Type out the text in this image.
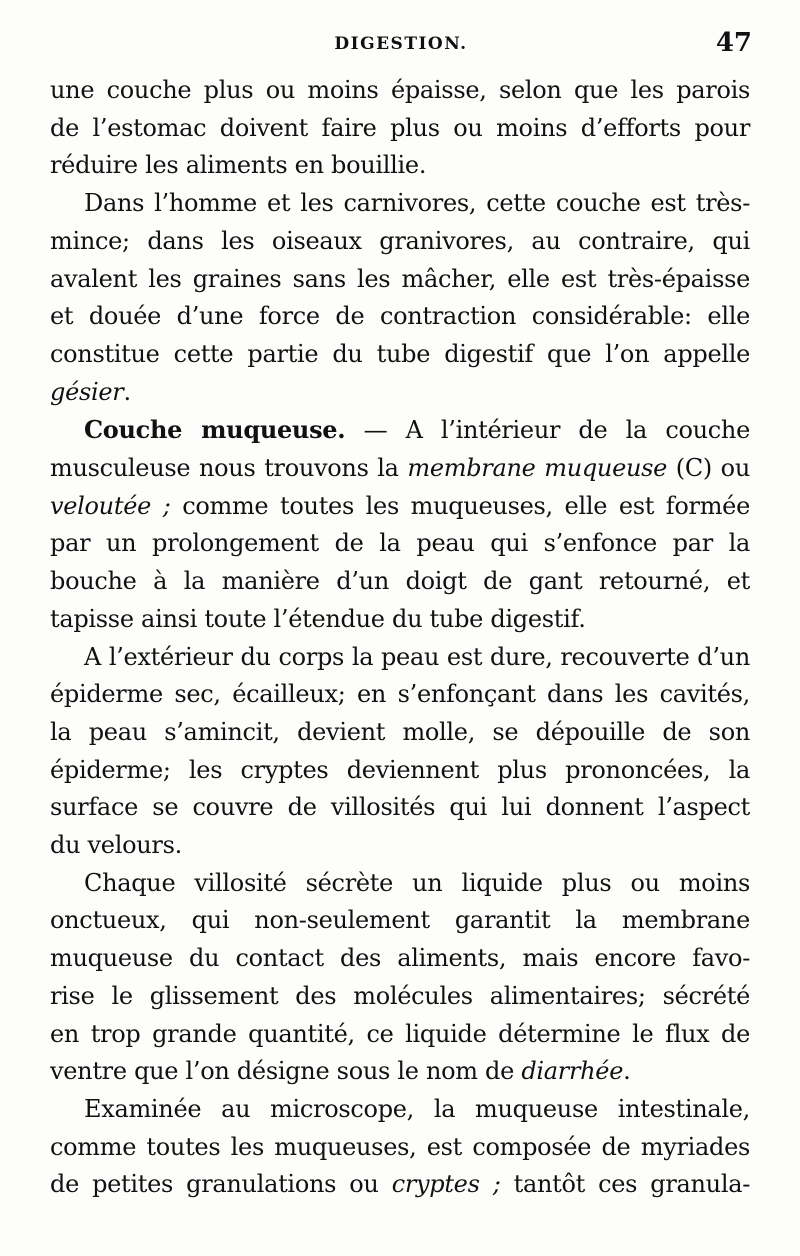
DIGESTION.	47
une couche plus ou moins épaisse, selon que les parois
de l’estomac doivent faire plus ou moins d’efforts pour
réduire les aliments en bouillie.
Dans l’homme et les carnivores, cette couche est très-
mince; dans les oiseaux granivores, au contraire, qui
avalent les graines sans les mâcher, elle est très-épaisse
et douée d’une force de contraction considérable: elle
constitue cette partie du tube digestif que l’on appelle
gésier.
Couche muqueuse. — A l’intérieur de la couche
musculeuse nous trouvons la membrane muqueuse (C) ou
veloutée ; comme toutes les muqueuses, elle est formée
par un prolongement de la peau qui s’enfonce par la
bouche à la manière d’un doigt de gant retourné, et
tapisse ainsi toute l’étendue du tube digestif.
A l’extérieur du corps la peau est dure, recouverte d’un
épiderme sec, écailleux; en s’enfonçant dans les cavités,
la peau s’amincit, devient molle, se dépouille de son
épiderme; les cryptes deviennent plus prononcées, la
surface se couvre de villosités qui lui donnent l’aspect
du velours.
Chaque villosité sécrète un liquide plus ou moins
onctueux, qui non-seulement garantit la membrane
muqueuse du contact des aliments, mais encore favo-
rise le glissement des molécules alimentaires; sécrété
en trop grande quantité, ce liquide détermine le flux de
ventre que l’on désigne sous le nom de diarrhée.
Examinée au microscope, la muqueuse intestinale,
comme toutes les muqueuses, est composée de myriades
de petites granulations ou cryptes ; tantôt ces granula-
